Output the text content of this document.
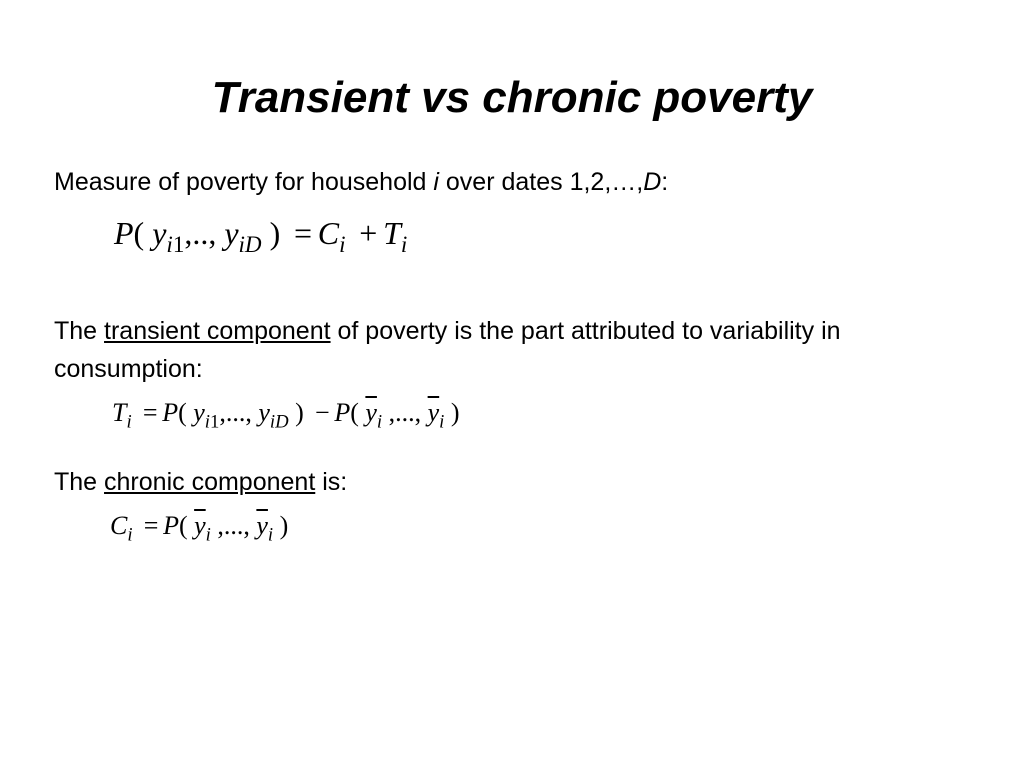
Transient vs chronic poverty

Measure of poverty for household i over dates 1,2,…,D:

P( $y_{i1}$,.., $y_{iD}$ ) = $C_i + T_i$

The transient component of poverty is the part attributed to variability in consumption:

$T_i = P$( $y_{i1}$,..., $y_{iD}$ ) − P( $\overline{y}_i$ ,..., $\overline{y}_i$ )

The chronic component is:

$C_i = P$( $\overline{y}_i$ ,..., $\overline{y}_i$ )
